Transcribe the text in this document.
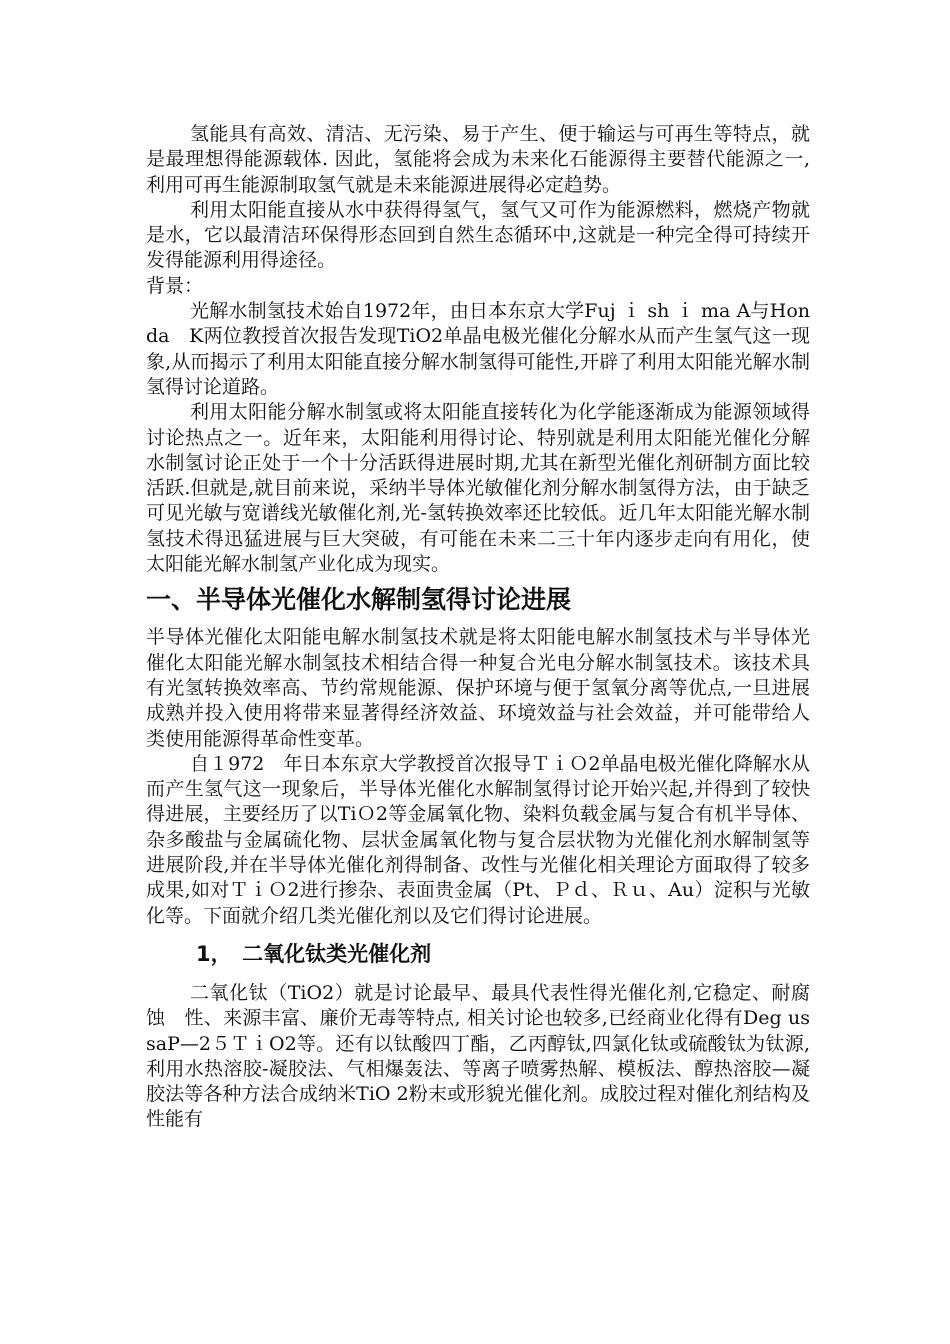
氢能具有高效、清洁、无污染、易于产生、便于输运与可再生等特点，就是最理想得能源载体. 因此，氢能将会成为未来化石能源得主要替代能源之一, 利用可再生能源制取氢气就是未来能源进展得必定趋势。

利用太阳能直接从水中获得得氢气，氢气又可作为能源燃料，燃烧产物就是水，它以最清洁环保得形态回到自然生态循环中,这就是一种完全得可持续开发得能源利用得途径。

背景：

光解水制氢技术始自1972年，由日本东京大学Fuj ｉ sh ｉ ma A与Honda　K两位教授首次报告发现TiO2单晶电极光催化分解水从而产生氢气这一现象,从而揭示了利用太阳能直接分解水制氢得可能性,开辟了利用太阳能光解水制氢得讨论道路。

利用太阳能分解水制氢或将太阳能直接转化为化学能逐渐成为能源领域得讨论热点之一。近年来，太阳能利用得讨论、特别就是利用太阳能光催化分解水制氢讨论正处于一个十分活跃得进展时期,尤其在新型光催化剂研制方面比较活跃.但就是,就目前来说，采纳半导体光敏催化剂分解水制氢得方法，由于缺乏可见光敏与宽谱线光敏催化剂,光-氢转换效率还比较低。近几年太阳能光解水制氢技术得迅猛进展与巨大突破，有可能在未来二三十年内逐步走向有用化，使太阳能光解水制氢产业化成为现实。

一、半导体光催化水解制氢得讨论进展

半导体光催化太阳能电解水制氢技术就是将太阳能电解水制氢技术与半导体光催化太阳能光解水制氢技术相结合得一种复合光电分解水制氢技术。该技术具有光氢转换效率高、节约常规能源、保护环境与便于氢氧分离等优点,一旦进展成熟并投入使用将带来显著得经济效益、环境效益与社会效益，并可能带给人类使用能源得革命性变革。

自１972　年日本东京大学教授首次报导ＴｉＯ2单晶电极光催化降解水从而产生氢气这一现象后，半导体光催化水解制氢得讨论开始兴起,并得到了较快得进展，主要经历了以TiＯ2等金属氧化物、染料负载金属与复合有机半导体、杂多酸盐与金属硫化物、层状金属氧化物与复合层状物为光催化剂水解制氢等进展阶段,并在半导体光催化剂得制备、改性与光催化相关理论方面取得了较多成果,如对ＴｉＯ2进行掺杂、表面贵金属（Pt、Ｐｄ、Ｒｕ、Au）淀积与光敏化等。下面就介绍几类光催化剂以及它们得讨论进展。

1，　二氧化钛类光催化剂

二氧化钛（TiO2）就是讨论最早、最具代表性得光催化剂,它稳定、耐腐蚀　性、来源丰富、廉价无毒等特点, 相关讨论也较多,已经商业化得有Deg ussaP—2５ＴｉO2等。还有以钛酸四丁酯，乙丙醇钛,四氯化钛或硫酸钛为钛源,利用水热溶胶-凝胶法、气相爆轰法、等离子喷雾热解、模板法、醇热溶胶—凝胶法等各种方法合成纳米TiO 2粉末或形貌光催化剂。成胶过程对催化剂结构及性能有
